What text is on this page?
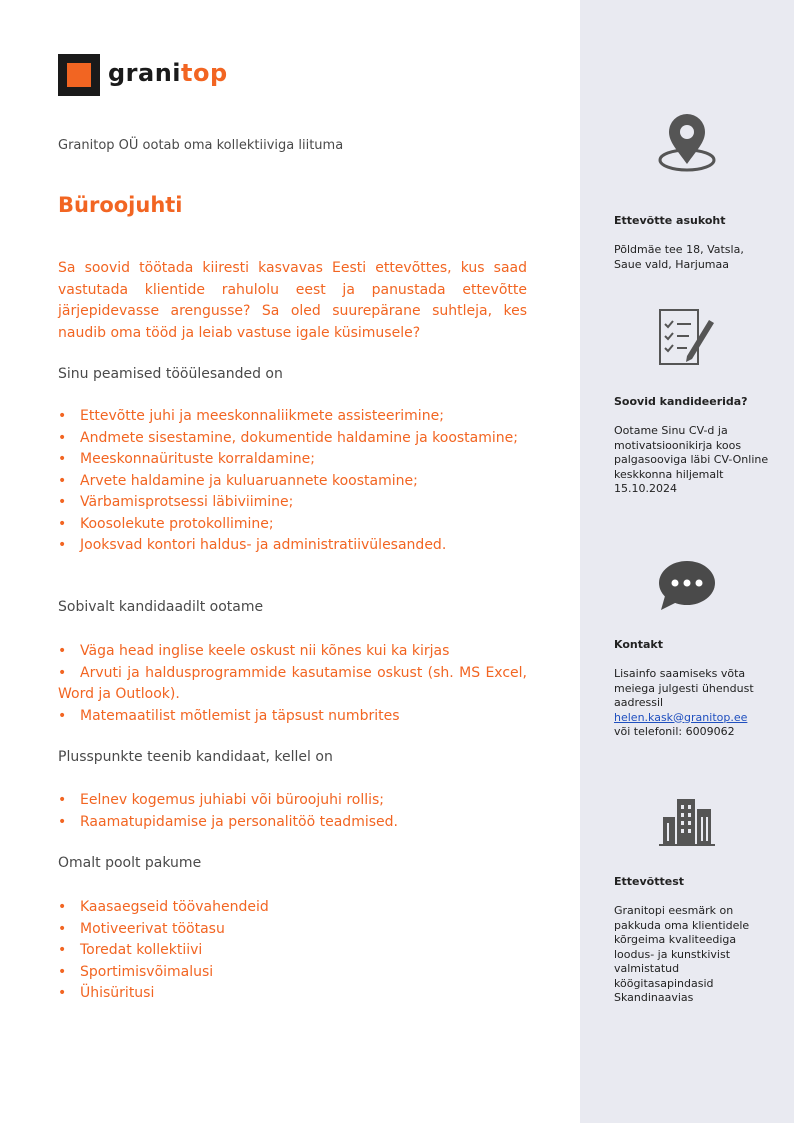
granitop
Granitop OÜ ootab oma kollektiiviga liituma
Büroojuhti

Sa soovid töötada kiiresti kasvavas Eesti ettevõttes, kus saad vastutada klientide rahulolu eest ja panustada ettevõtte järjepidevasse arengusse? Sa oled suurepärane suhtleja, kes naudib oma tööd ja leiab vastuse igale küsimusele?

Sinu peamised tööülesanded on

• Ettevõtte juhi ja meeskonnaliikmete assisteerimine;
• Andmete sisestamine, dokumentide haldamine ja koostamine;
• Meeskonnaürituste korraldamine;
• Arvete haldamine ja kuluaruannete koostamine;
• Värbamisprotsessi läbiviimine;
• Koosolekute protokollimine;
• Jooksvad kontori haldus- ja administratiivülesanded.

Sobivalt kandidaadilt ootame

• Väga head inglise keele oskust nii kõnes kui ka kirjas
• Arvuti ja haldusprogrammide kasutamise oskust (sh. MS Excel, Word ja Outlook).
• Matemaatilist mõtlemist ja täpsust numbrites

Plusspunkte teenib kandidaat, kellel on

• Eelnev kogemus juhiabi või büroojuhi rollis;
• Raamatupidamise ja personalitöö teadmised.

Omalt poolt pakume

• Kaasaegseid töövahendeid
• Motiveerivat töötasu
• Toredat kollektiivi
• Sportimisvõimalusi
• Ühisüritusi

Ettevõtte asukoht

Põldmäe tee 18, Vatsla, Saue vald, Harjumaa

Soovid kandideerida?

Ootame Sinu CV-d ja motivatsioonikirja koos palgasooviga läbi CV-Online keskkonna hiljemalt 15.10.2024

Kontakt

Lisainfo saamiseks võta meiega julgesti ühendust aadressil helen.kask@granitop.ee
või telefonil: 6009062

Ettevõttest

Granitopi eesmärk on pakkuda oma klientidele kõrgeima kvaliteediga loodus- ja kunstkivist valmistatud köögitasapindasid Skandinaavias
